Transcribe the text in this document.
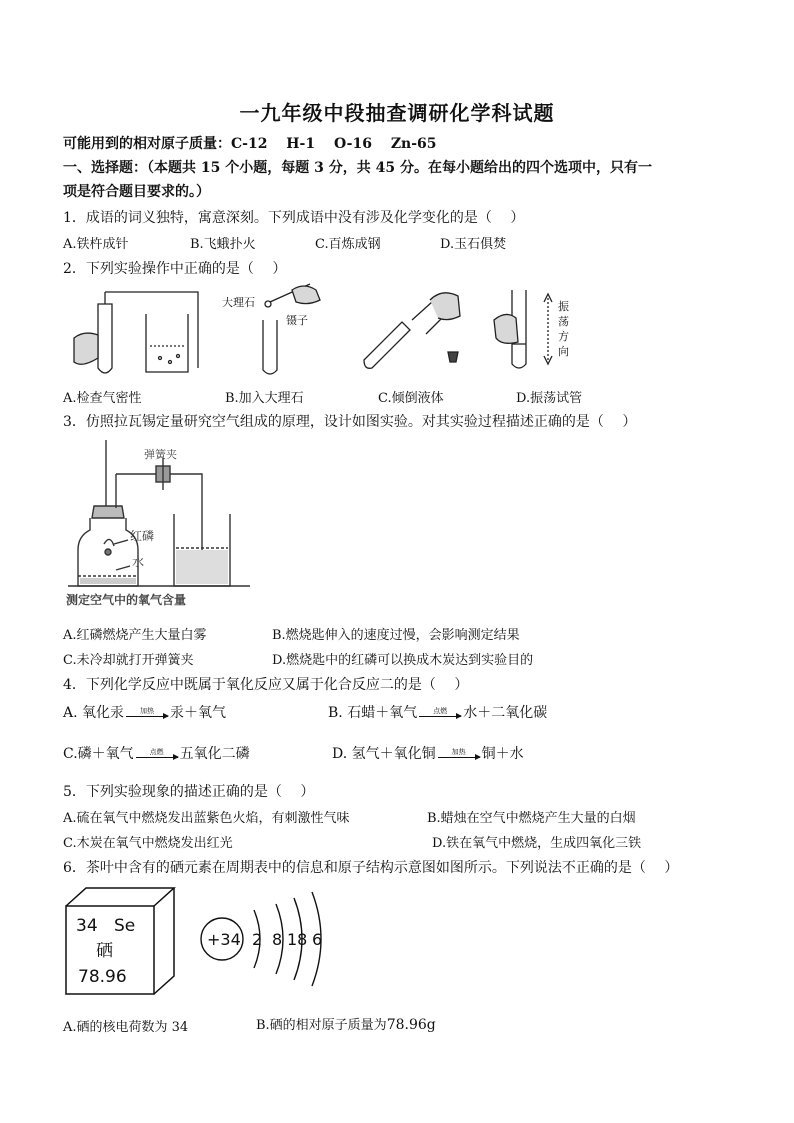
一九年级中段抽查调研化学科试题
可能用到的相对原子质量：C-12　 H-1　 O-16　 Zn-65
一、选择题：（本题共 15 个小题，每题 3 分，共 45 分。在每小题给出的四个选项中，只有一
项是符合题目要求的。）
1．成语的词义独特，寓意深刻。下列成语中没有涉及化学变化的是（　 ）
A.铁杵成针	B.飞蛾扑火	C.百炼成钢	D.玉石俱焚
2．下列实验操作中正确的是（　 ）
大理石
镊子
振
荡
方
向
A.检查气密性	B.加入大理石	C.倾倒液体	D.振荡试管
3．仿照拉瓦锡定量研究空气组成的原理，设计如图实验。对其实验过程描述正确的是（　 ）
弹簧夹
红磷
水
测定空气中的氧气含量
A.红磷燃烧产生大量白雾	B.燃烧匙伸入的速度过慢，会影响测定结果
C.未冷却就打开弹簧夹	D.燃烧匙中的红磷可以换成木炭达到实验目的
4．下列化学反应中既属于氧化反应又属于化合反应二的是（　 ）
A. 氧化汞 加热 汞＋氧气	B. 石蜡＋氧气 点燃 水＋二氧化碳
C.磷＋氧气 点燃 五氧化二磷	D. 氢气＋氧化铜 加热 铜＋水
5．下列实验现象的描述正确的是（　 ）
A.硫在氧气中燃烧发出蓝紫色火焰，有刺激性气味	B.蜡烛在空气中燃烧产生大量的白烟
C.木炭在氧气中燃烧发出红光	D.铁在氧气中燃烧，生成四氧化三铁
6．茶叶中含有的硒元素在周期表中的信息和原子结构示意图如图所示。下列说法不正确的是（　 ）
34 Se
硒
78.96
+34 2 8 18 6
A.硒的核电荷数为 34	B.硒的相对原子质量为78.96g
